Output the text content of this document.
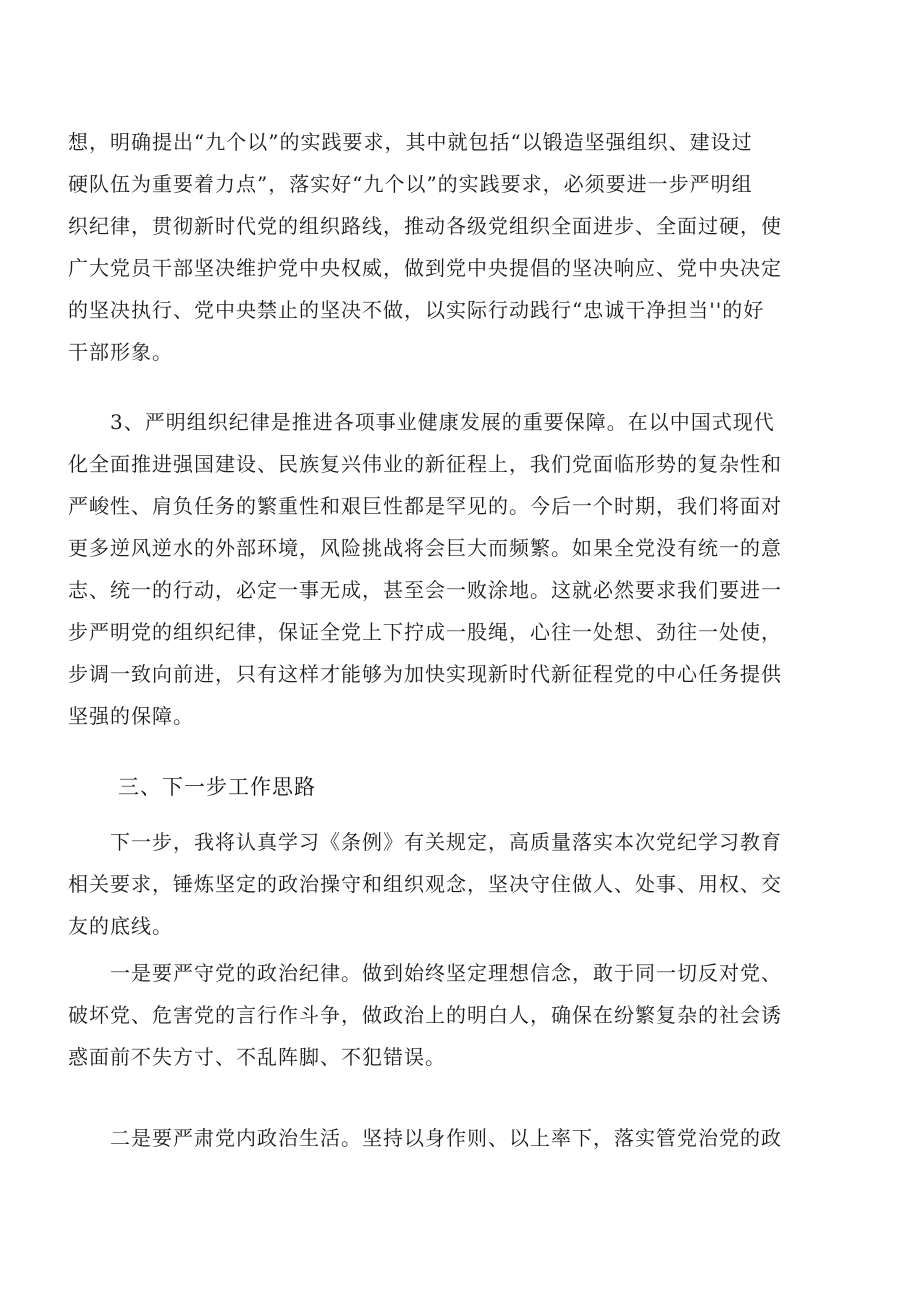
想，明确提出“九个以”的实践要求，其中就包括“以锻造坚强组织、建设过
硬队伍为重要着力点”，落实好“九个以”的实践要求，必须要进一步严明组
织纪律，贯彻新时代党的组织路线，推动各级党组织全面进步、全面过硬，使
广大党员干部坚决维护党中央权威，做到党中央提倡的坚决响应、党中央决定
的坚决执行、党中央禁止的坚决不做，以实际行动践行“忠诚干净担当''的好
干部形象。
　　3、严明组织纪律是推进各项事业健康发展的重要保障。在以中国式现代
化全面推进强国建设、民族复兴伟业的新征程上，我们党面临形势的复杂性和
严峻性、肩负任务的繁重性和艰巨性都是罕见的。今后一个时期，我们将面对
更多逆风逆水的外部环境，风险挑战将会巨大而频繁。如果全党没有统一的意
志、统一的行动，必定一事无成，甚至会一败涂地。这就必然要求我们要进一
步严明党的组织纪律，保证全党上下拧成一股绳，心往一处想、劲往一处使，
步调一致向前进，只有这样才能够为加快实现新时代新征程党的中心任务提供
坚强的保障。
三、下一步工作思路
　　下一步，我将认真学习《条例》有关规定，高质量落实本次党纪学习教育
相关要求，锤炼坚定的政治操守和组织观念，坚决守住做人、处事、用权、交
友的底线。
　　一是要严守党的政治纪律。做到始终坚定理想信念，敢于同一切反对党、
破坏党、危害党的言行作斗争，做政治上的明白人，确保在纷繁复杂的社会诱
惑面前不失方寸、不乱阵脚、不犯错误。
　　二是要严肃党内政治生活。坚持以身作则、以上率下，落实管党治党的政
